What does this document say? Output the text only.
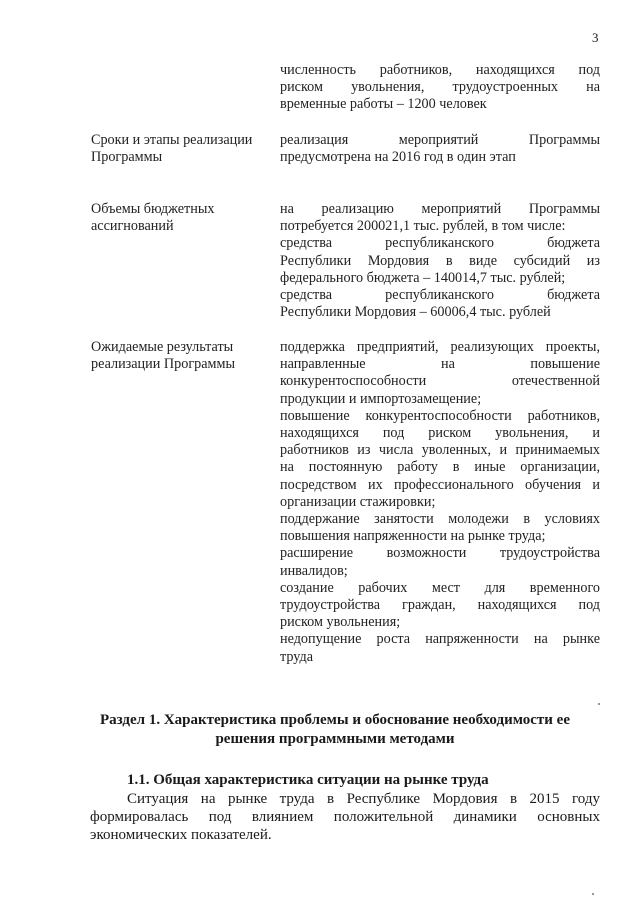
3
численность работников, находящихся под
риском увольнения, трудоустроенных на
временные работы – 1200 человек
Сроки и этапы реализации
Программы
реализация мероприятий Программы
предусмотрена на 2016 год в один этап
Объемы бюджетных
ассигнований
на реализацию мероприятий Программы
потребуется 200021,1 тыс. рублей, в том числе:
средства республиканского бюджета
Республики Мордовия в виде субсидий из
федерального бюджета – 140014,7 тыс. рублей;
средства республиканского бюджета
Республики Мордовия – 60006,4 тыс. рублей
Ожидаемые результаты
реализации Программы
поддержка предприятий, реализующих проекты,
направленные на повышение
конкурентоспособности отечественной
продукции и импортозамещение;
повышение конкурентоспособности работников,
находящихся под риском увольнения, и
работников из числа уволенных, и принимаемых
на постоянную работу в иные организации,
посредством их профессионального обучения и
организации стажировки;
поддержание занятости молодежи в условиях
повышения напряженности на рынке труда;
расширение возможности трудоустройства
инвалидов;
создание рабочих мест для временного
трудоустройства граждан, находящихся под
риском увольнения;
недопущение роста напряженности на рынке
труда
Раздел 1. Характеристика проблемы и обоснование необходимости ее
решения программными методами
1.1. Общая характеристика ситуации на рынке труда
Ситуация на рынке труда в Республике Мордовия в 2015 году
формировалась под влиянием положительной динамики основных
экономических показателей.
